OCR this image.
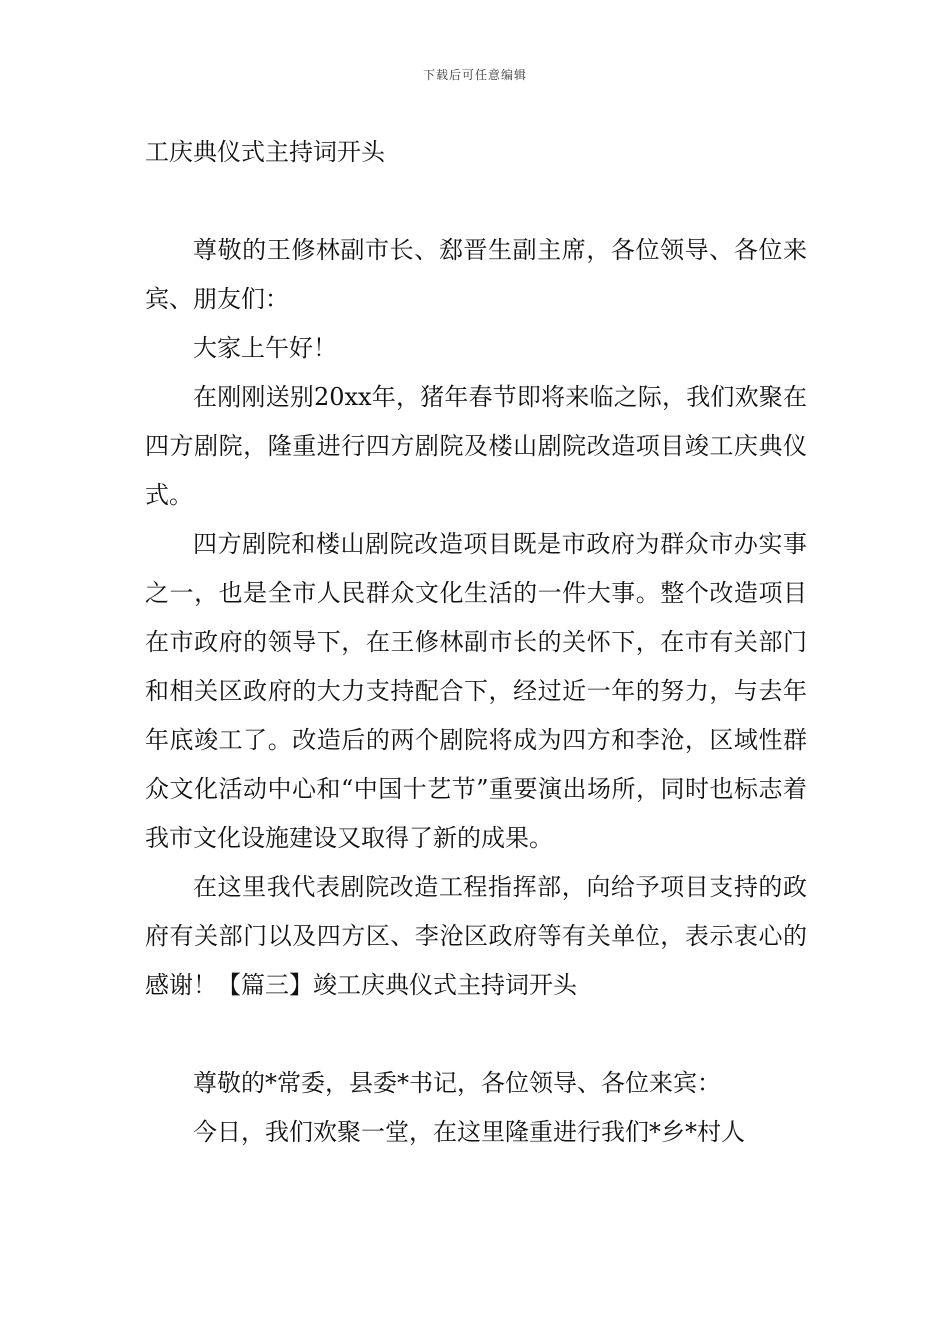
下载后可任意编辑

工庆典仪式主持词开头

尊敬的王修林副市长、郄晋生副主席，各位领导、各位来宾、朋友们：

大家上午好！

在刚刚送别20xx年，猪年春节即将来临之际，我们欢聚在四方剧院，隆重进行四方剧院及楼山剧院改造项目竣工庆典仪式。

四方剧院和楼山剧院改造项目既是市政府为群众市办实事之一，也是全市人民群众文化生活的一件大事。整个改造项目在市政府的领导下，在王修林副市长的关怀下，在市有关部门和相关区政府的大力支持配合下，经过近一年的努力，与去年年底竣工了。改造后的两个剧院将成为四方和李沧，区域性群众文化活动中心和“中国十艺节”重要演出场所，同时也标志着我市文化设施建设又取得了新的成果。

在这里我代表剧院改造工程指挥部，向给予项目支持的政府有关部门以及四方区、李沧区政府等有关单位，表示衷心的感谢！【篇三】竣工庆典仪式主持词开头

尊敬的*常委，县委*书记，各位领导、各位来宾：

今日，我们欢聚一堂，在这里隆重进行我们*乡*村人
